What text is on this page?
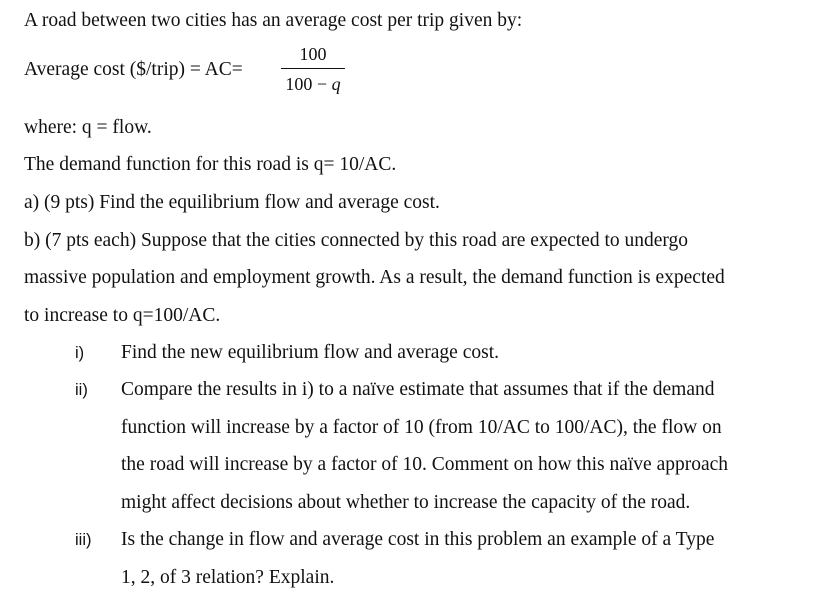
A road between two cities has an average cost per trip given by:
Average cost ($/trip) = AC=
100
100 − q
where: q = flow.
The demand function for this road is q= 10/AC.
a) (9 pts) Find the equilibrium flow and average cost.
b) (7 pts each) Suppose that the cities connected by this road are expected to undergo
massive population and employment growth. As a result, the demand function is expected
to increase to q=100/AC.
i)	Find the new equilibrium flow and average cost.
ii)	Compare the results in i) to a naïve estimate that assumes that if the demand
function will increase by a factor of 10 (from 10/AC to 100/AC), the flow on
the road will increase by a factor of 10. Comment on how this naïve approach
might affect decisions about whether to increase the capacity of the road.
iii)	Is the change in flow and average cost in this problem an example of a Type
1, 2, of 3 relation? Explain.
